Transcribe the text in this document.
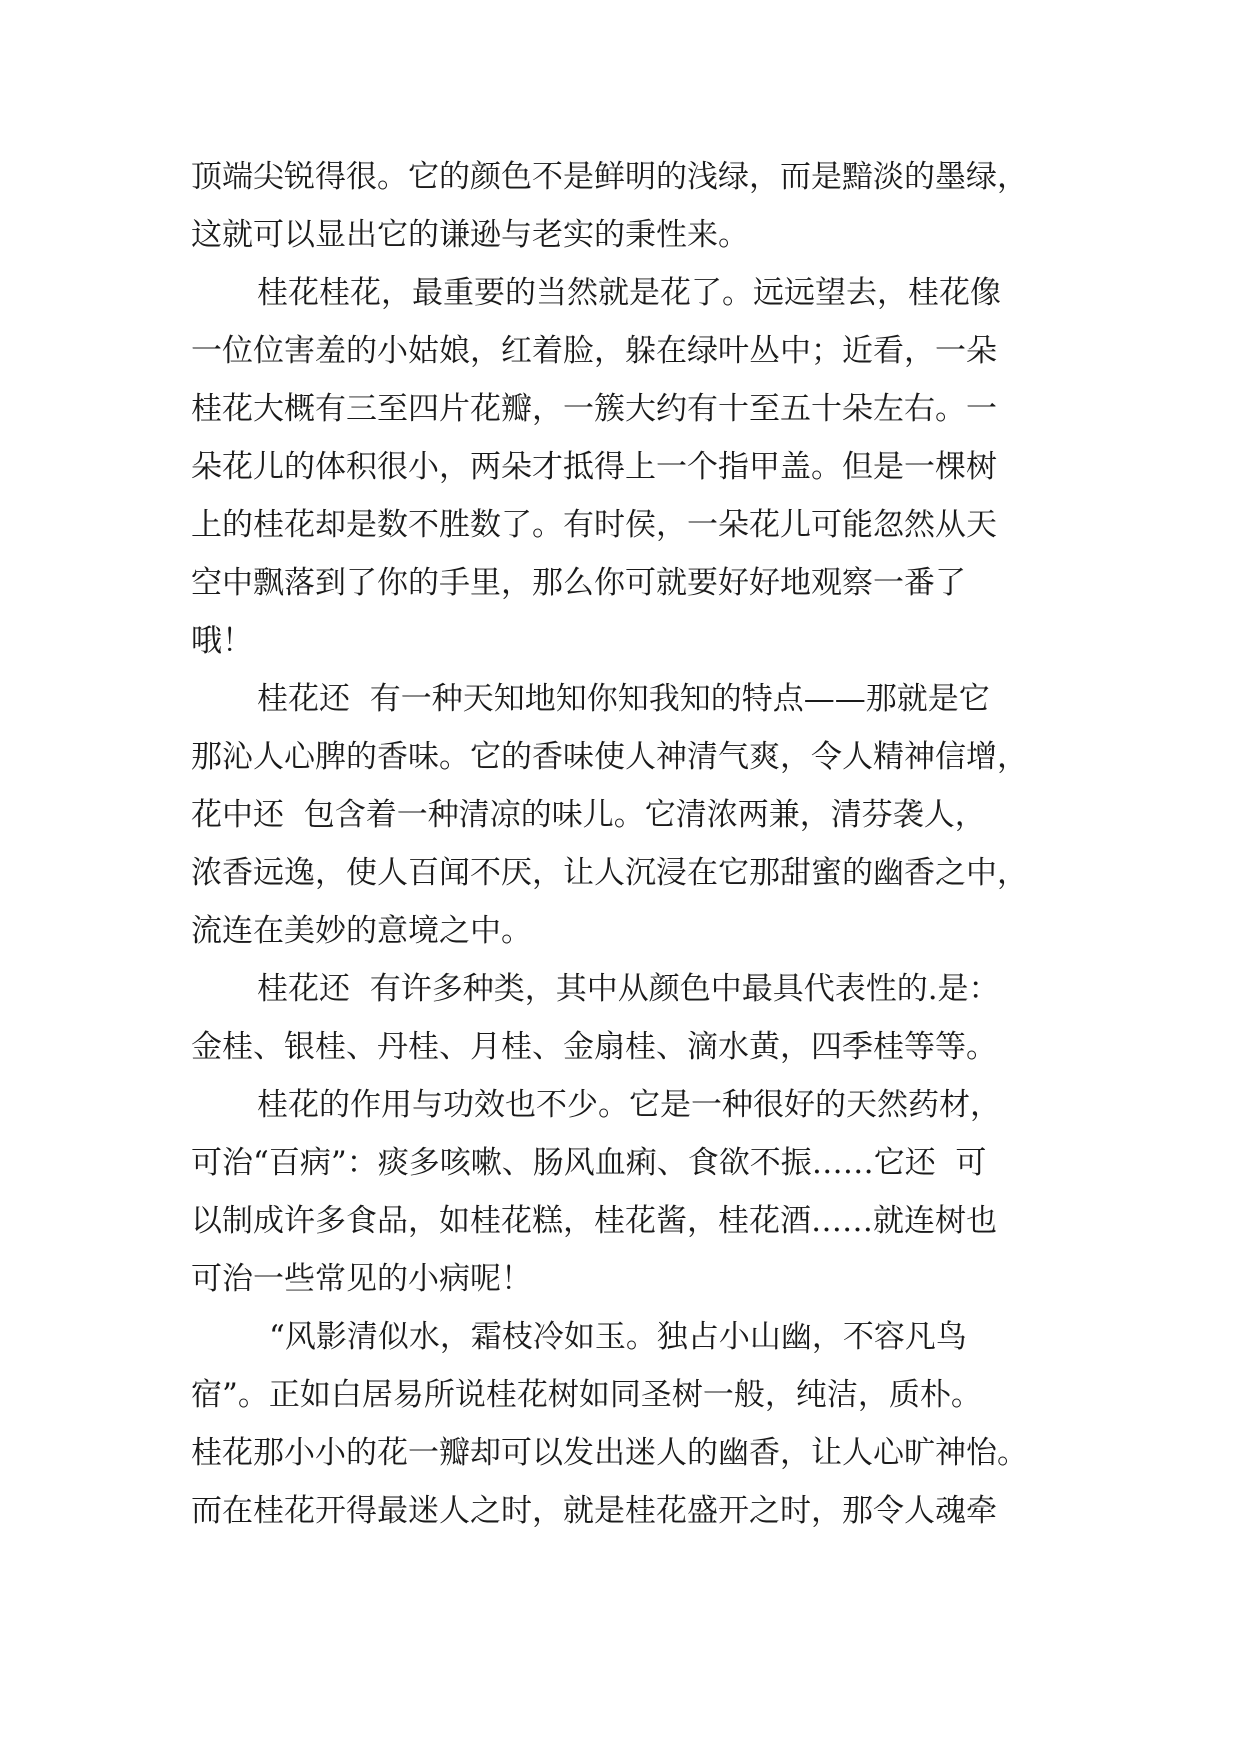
顶端尖锐得很。它的颜色不是鲜明的浅绿，而是黯淡的墨绿，
这就可以显出它的谦逊与老实的秉性来。
桂花桂花，最重要的当然就是花了。远远望去，桂花像
一位位害羞的小姑娘，红着脸，躲在绿叶丛中；近看，一朵
桂花大概有三至四片花瓣，一簇大约有十至五十朵左右。一
朵花儿的体积很小，两朵才抵得上一个指甲盖。但是一棵树
上的桂花却是数不胜数了。有时侯，一朵花儿可能忽然从天
空中飘落到了你的手里，那么你可就要好好地观察一番了
哦！
桂花还  有一种天知地知你知我知的特点——那就是它
那沁人心脾的香味。它的香味使人神清气爽，令人精神信增，
花中还  包含着一种清凉的味儿。它清浓两兼，清芬袭人，
浓香远逸，使人百闻不厌，让人沉浸在它那甜蜜的幽香之中，
流连在美妙的意境之中。
桂花还  有许多种类，其中从颜色中最具代表性的.是：
金桂、银桂、丹桂、月桂、金扇桂、滴水黄，四季桂等等。
桂花的作用与功效也不少。它是一种很好的天然药材，
可治“百病”：痰多咳嗽、肠风血痢、食欲不振……它还  可
以制成许多食品，如桂花糕，桂花酱，桂花酒……就连树也
可治一些常见的小病呢！
“风影清似水，霜枝冷如玉。独占小山幽，不容凡鸟
宿”。正如白居易所说桂花树如同圣树一般，纯洁，质朴。
桂花那小小的花一瓣却可以发出迷人的幽香，让人心旷神怡。
而在桂花开得最迷人之时，就是桂花盛开之时，那令人魂牵
